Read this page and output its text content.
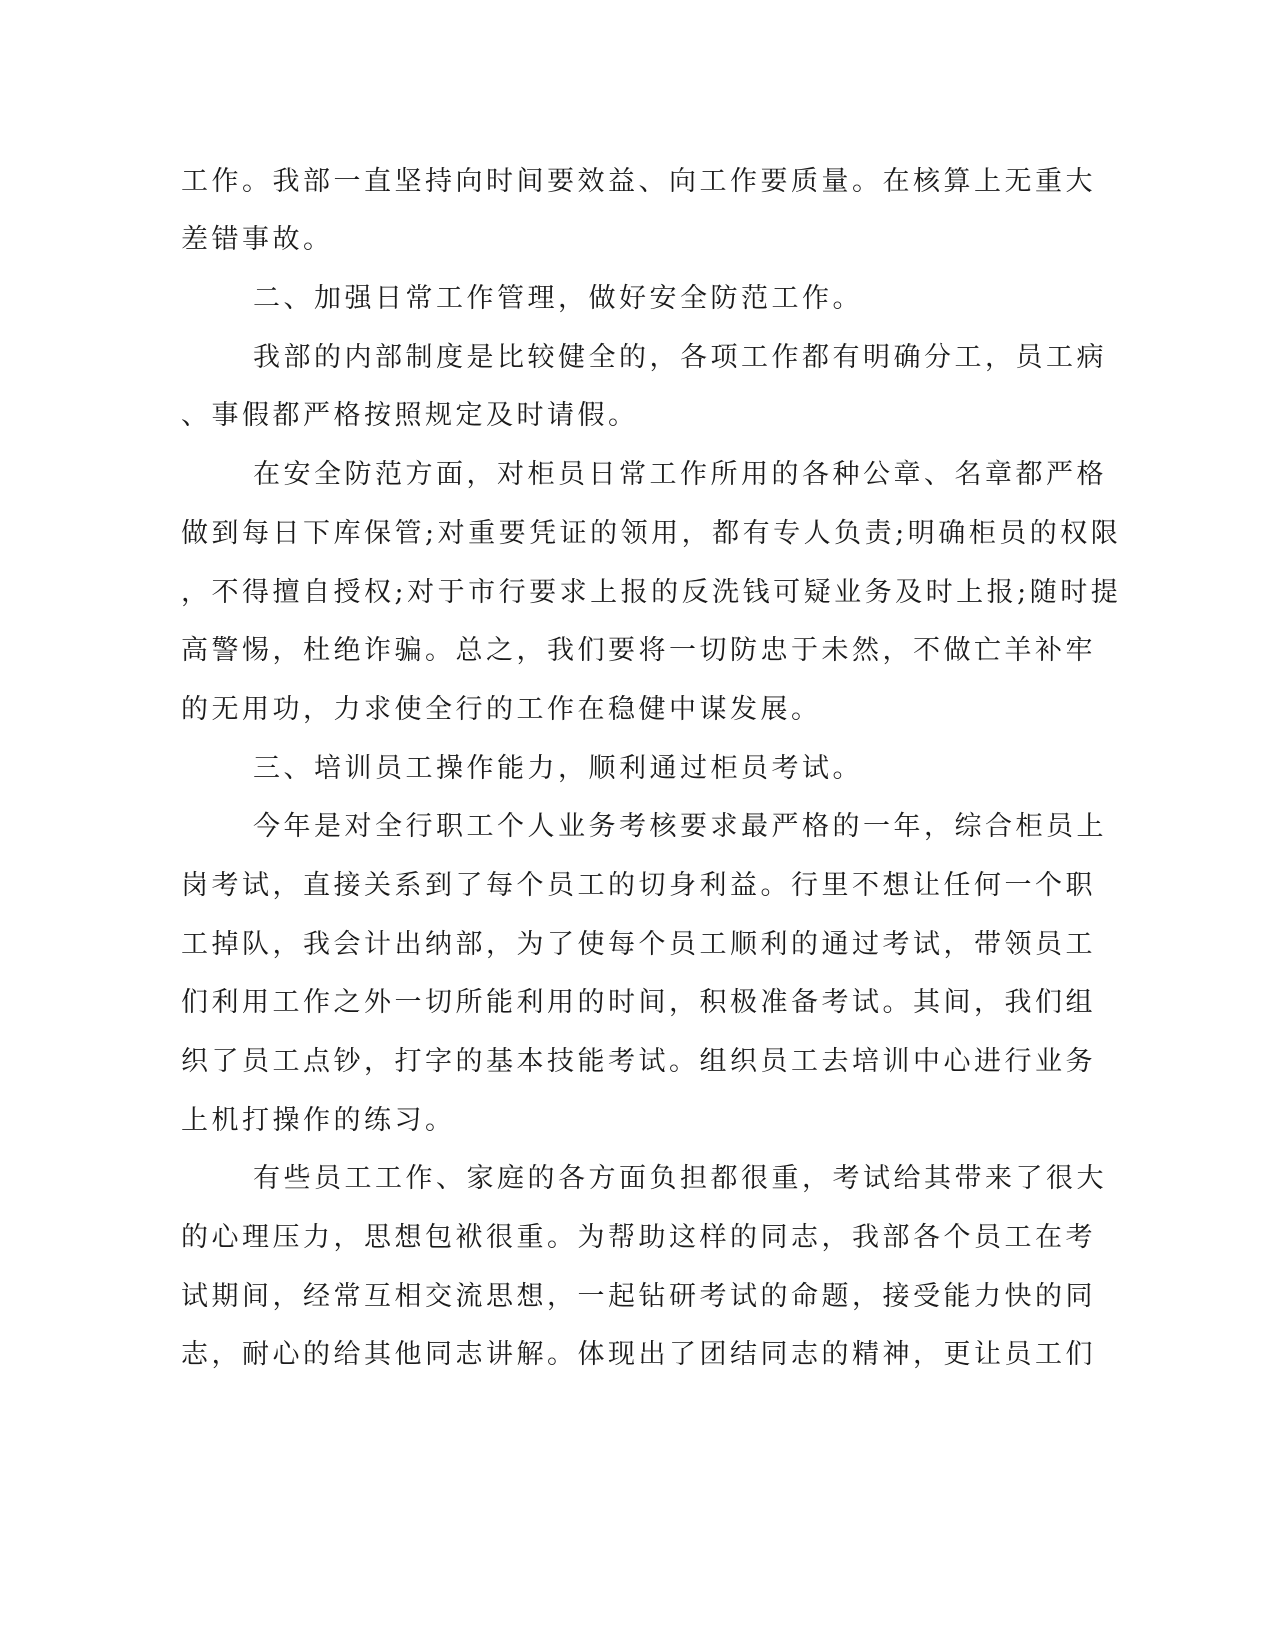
工作。我部一直坚持向时间要效益、向工作要质量。在核算上无重大
差错事故。
二、加强日常工作管理，做好安全防范工作。
我部的内部制度是比较健全的，各项工作都有明确分工，员工病
、事假都严格按照规定及时请假。
在安全防范方面，对柜员日常工作所用的各种公章、名章都严格
做到每日下库保管;对重要凭证的领用，都有专人负责;明确柜员的权限
，不得擅自授权;对于市行要求上报的反洗钱可疑业务及时上报;随时提
高警惕，杜绝诈骗。总之，我们要将一切防忠于未然，不做亡羊补牢
的无用功，力求使全行的工作在稳健中谋发展。
三、培训员工操作能力，顺利通过柜员考试。
今年是对全行职工个人业务考核要求最严格的一年，综合柜员上
岗考试，直接关系到了每个员工的切身利益。行里不想让任何一个职
工掉队，我会计出纳部，为了使每个员工顺利的通过考试，带领员工
们利用工作之外一切所能利用的时间，积极准备考试。其间，我们组
织了员工点钞，打字的基本技能考试。组织员工去培训中心进行业务
上机打操作的练习。
有些员工工作、家庭的各方面负担都很重，考试给其带来了很大
的心理压力，思想包袱很重。为帮助这样的同志，我部各个员工在考
试期间，经常互相交流思想，一起钻研考试的命题，接受能力快的同
志，耐心的给其他同志讲解。体现出了团结同志的精神，更让员工们
